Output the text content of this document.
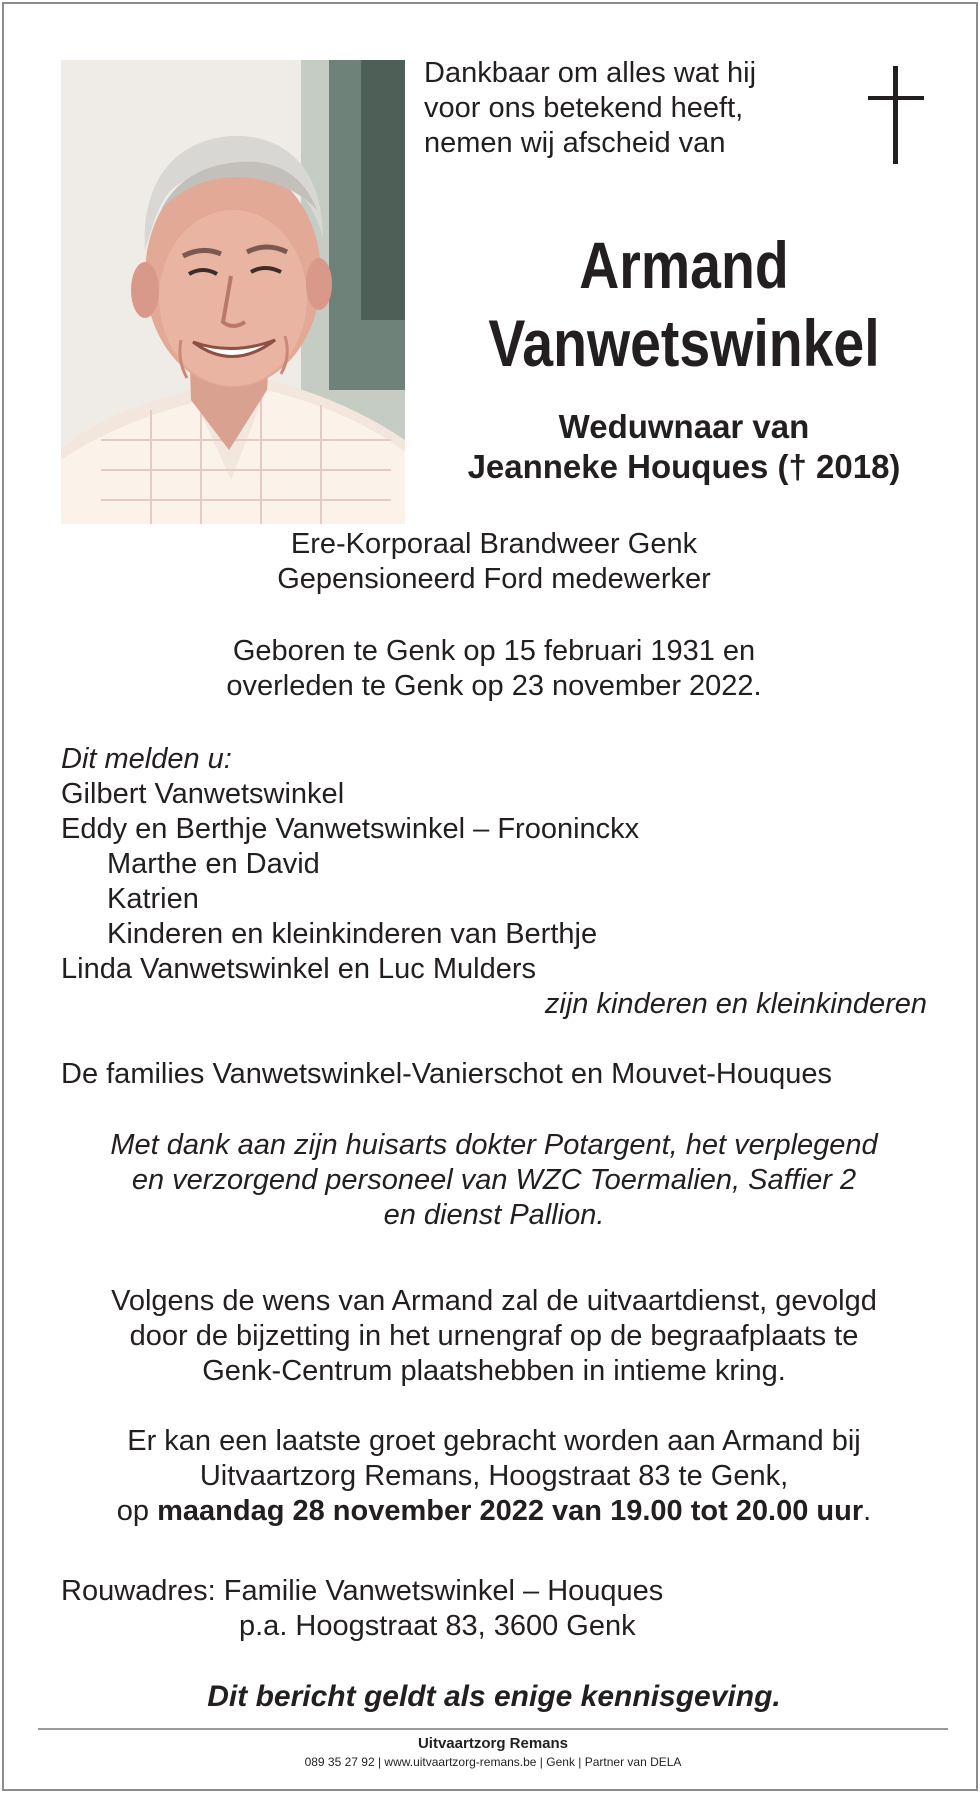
Dankbaar om alles wat hij
voor ons betekend heeft,
nemen wij afscheid van
Armand
Vanwetswinkel
Weduwnaar van
Jeanneke Houques († 2018)
Ere-Korporaal Brandweer Genk
Gepensioneerd Ford medewerker
Geboren te Genk op 15 februari 1931 en
overleden te Genk op 23 november 2022.
Dit melden u:
Gilbert Vanwetswinkel
Eddy en Berthje Vanwetswinkel – Frooninckx
Marthe en David
Katrien
Kinderen en kleinkinderen van Berthje
Linda Vanwetswinkel en Luc Mulders
zijn kinderen en kleinkinderen
De families Vanwetswinkel-Vanierschot en Mouvet-Houques
Met dank aan zijn huisarts dokter Potargent, het verplegend
en verzorgend personeel van WZC Toermalien, Saffier 2
en dienst Pallion.
Volgens de wens van Armand zal de uitvaartdienst, gevolgd
door de bijzetting in het urnengraf op de begraafplaats te
Genk-Centrum plaatshebben in intieme kring.
Er kan een laatste groet gebracht worden aan Armand bij
Uitvaartzorg Remans, Hoogstraat 83 te Genk,
op maandag 28 november 2022 van 19.00 tot 20.00 uur.
Rouwadres: Familie Vanwetswinkel – Houques
p.a. Hoogstraat 83, 3600 Genk
Dit bericht geldt als enige kennisgeving.
Uitvaartzorg Remans
089 35 27 92 | www.uitvaartzorg-remans.be | Genk | Partner van DELA
